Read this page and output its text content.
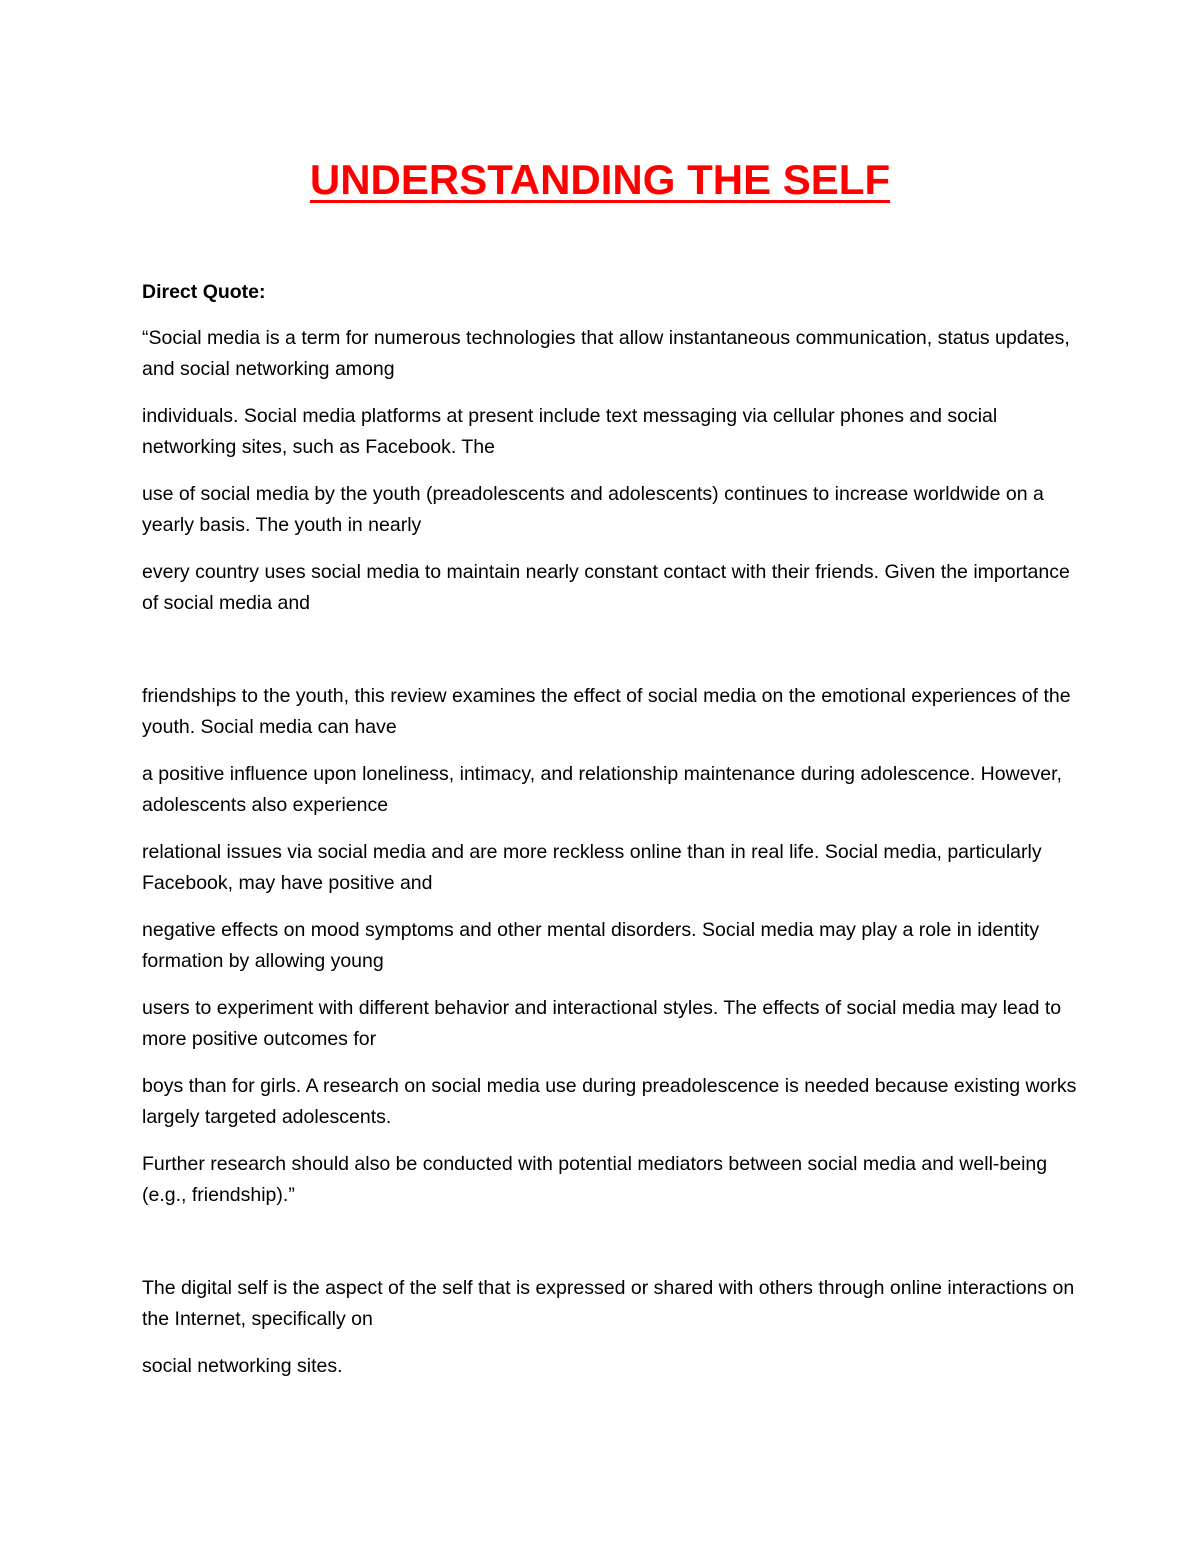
UNDERSTANDING THE SELF

Direct Quote:

“Social media is a term for numerous technologies that allow instantaneous communication, status updates, and social networking among

individuals. Social media platforms at present include text messaging via cellular phones and social networking sites, such as Facebook. The

use of social media by the youth (preadolescents and adolescents) continues to increase worldwide on a yearly basis. The youth in nearly

every country uses social media to maintain nearly constant contact with their friends. Given the importance of social media and

friendships to the youth, this review examines the effect of social media on the emotional experiences of the youth. Social media can have

a positive influence upon loneliness, intimacy, and relationship maintenance during adolescence. However, adolescents also experience

relational issues via social media and are more reckless online than in real life. Social media, particularly Facebook, may have positive and

negative effects on mood symptoms and other mental disorders. Social media may play a role in identity formation by allowing young

users to experiment with different behavior and interactional styles. The effects of social media may lead to more positive outcomes for

boys than for girls. A research on social media use during preadolescence is needed because existing works largely targeted adolescents.

Further research should also be conducted with potential mediators between social media and well-being (e.g., friendship).”

The digital self is the aspect of the self that is expressed or shared with others through online interactions on the Internet, specifically on

social networking sites.
